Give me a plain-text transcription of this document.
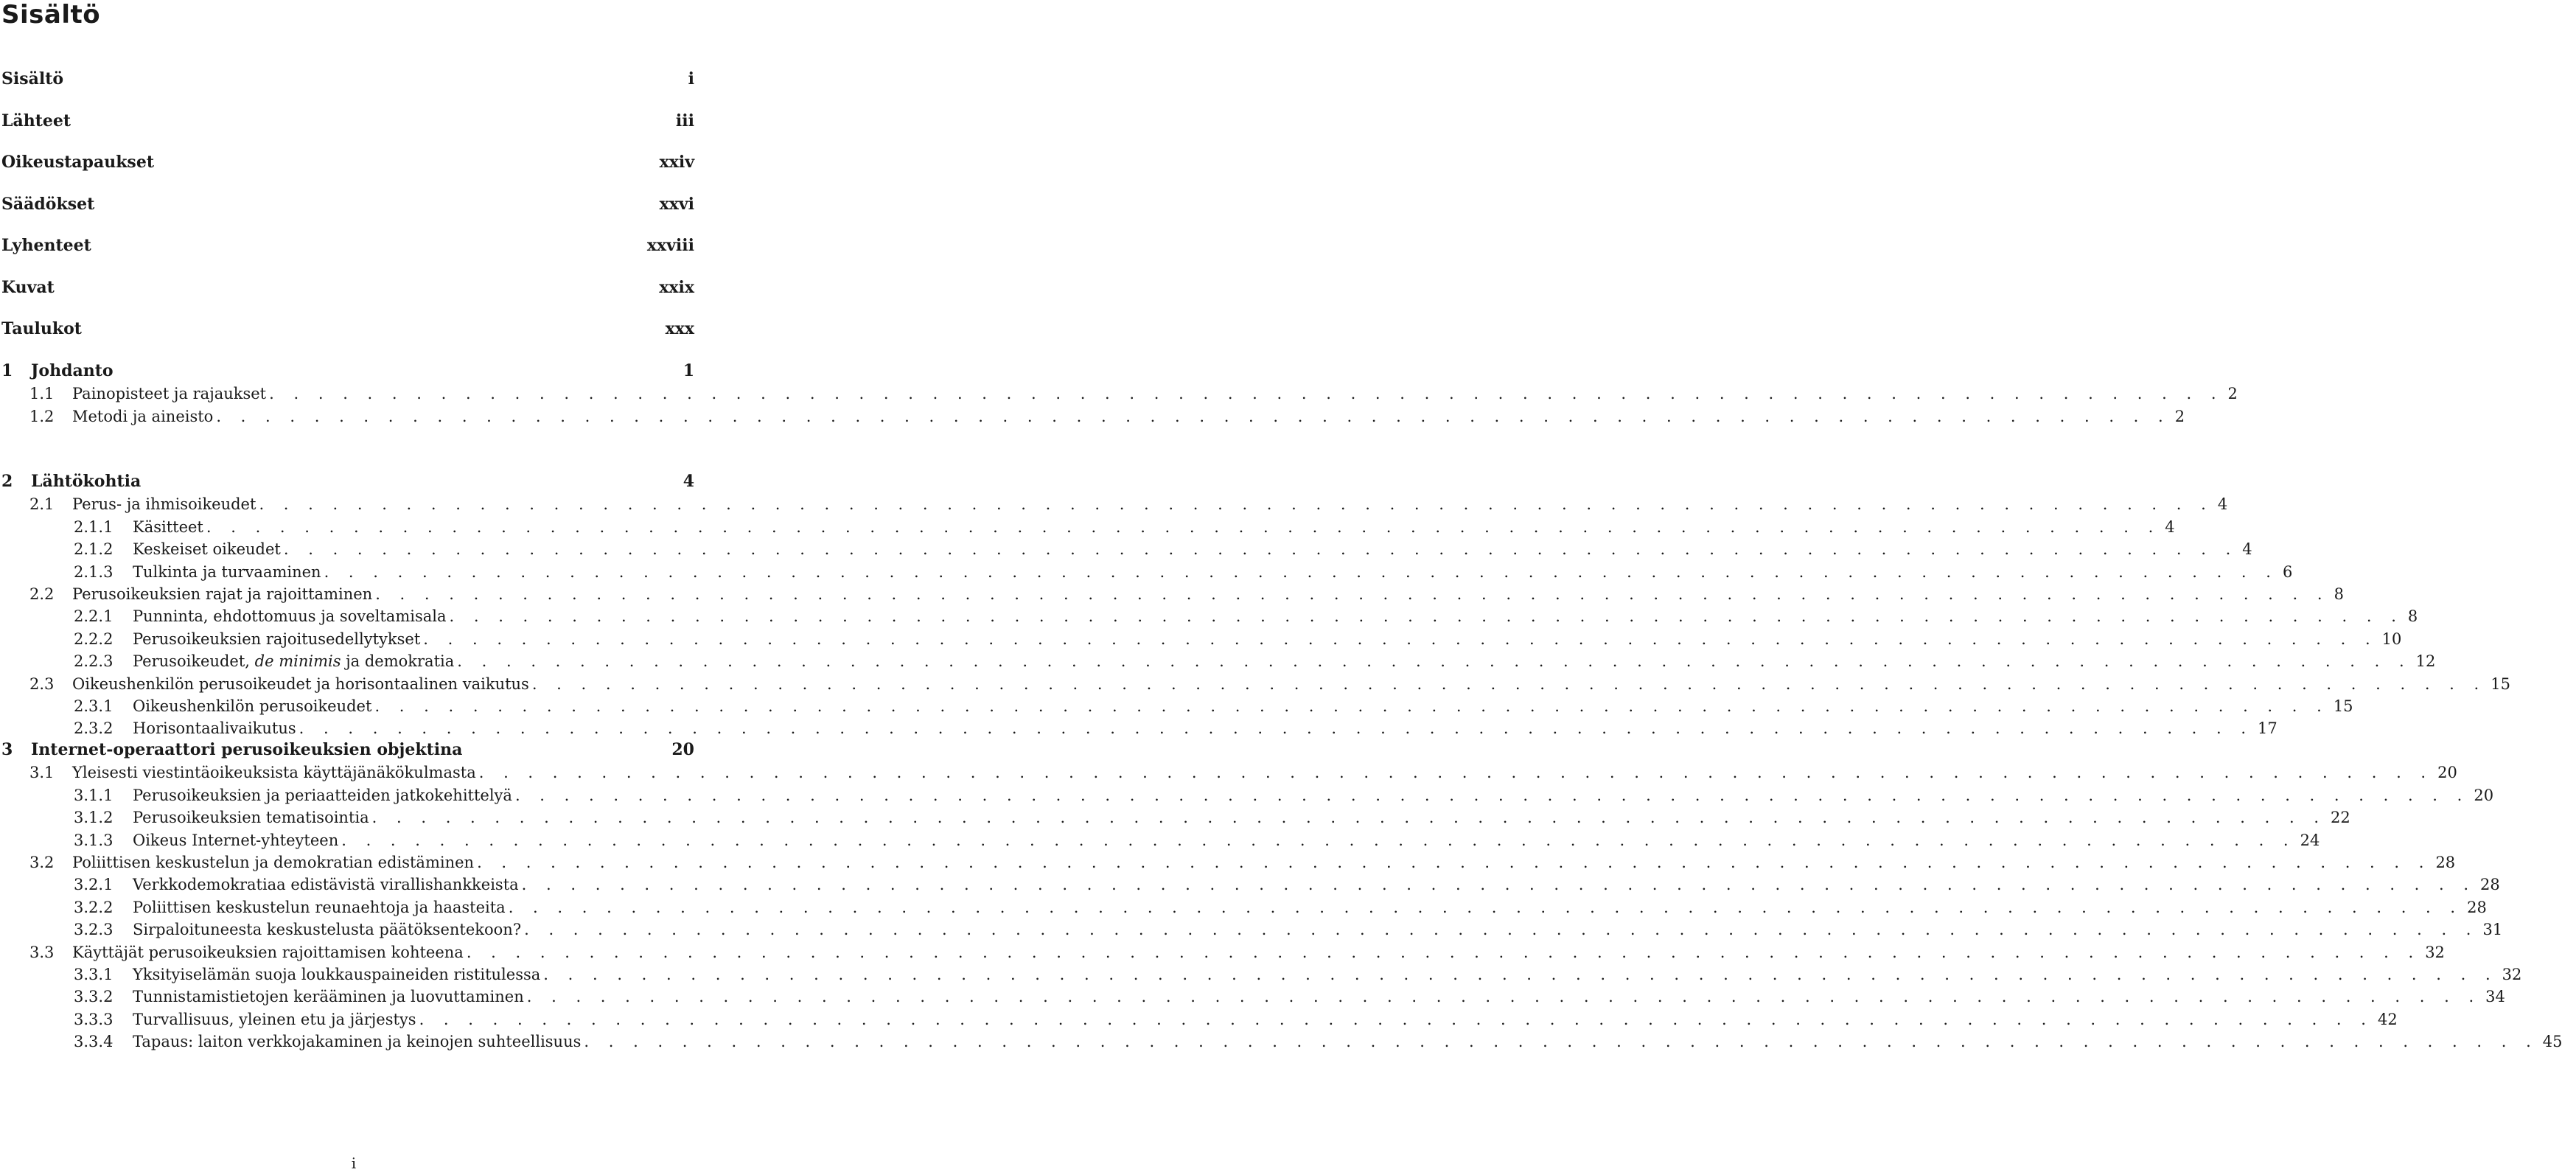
Sisältö
Sisältö	i
Lähteet	iii
Oikeustapaukset	xxiv
Säädökset	xxvi
Lyhenteet	xxviii
Kuvat	xxix
Taulukot	xxx
1	Johdanto	1
1.1	Painopisteet ja rajaukset . . . . . . . . . . . . . . . . . . . . . . . . . . . . . . . . . . . . . . . . . . . . . . . . . . . . . . . . . . . . . . . . . . . . . . . . . . . . . . . . 2
1.2	Metodi ja aineisto . . . . . . . . . . . . . . . . . . . . . . . . . . . . . . . . . . . . . . . . . . . . . . . . . . . . . . . . . . . . . . . . . . . . . . . . . . . . . . . . 2
2	Lähtökohtia	4
2.1	Perus- ja ihmisoikeudet . . . . . . . . . . . . . . . . . . . . . . . . . . . . . . . . . . . . . . . . . . . . . . . . . . . . . . . . . . . . . . . . . . . . . . . . . . . . . . . . 4
2.1.1	Käsitteet . . . . . . . . . . . . . . . . . . . . . . . . . . . . . . . . . . . . . . . . . . . . . . . . . . . . . . . . . . . . . . . . . . . . . . . . . . . . . . . . 4
2.1.2	Keskeiset oikeudet . . . . . . . . . . . . . . . . . . . . . . . . . . . . . . . . . . . . . . . . . . . . . . . . . . . . . . . . . . . . . . . . . . . . . . . . . . . . . . . . 4
2.1.3	Tulkinta ja turvaaminen . . . . . . . . . . . . . . . . . . . . . . . . . . . . . . . . . . . . . . . . . . . . . . . . . . . . . . . . . . . . . . . . . . . . . . . . . . . . . . . . 6
2.2	Perusoikeuksien rajat ja rajoittaminen . . . . . . . . . . . . . . . . . . . . . . . . . . . . . . . . . . . . . . . . . . . . . . . . . . . . . . . . . . . . . . . . . . . . . . . . . . . . . . . . 8
2.2.1	Punninta, ehdottomuus ja soveltamisala . . . . . . . . . . . . . . . . . . . . . . . . . . . . . . . . . . . . . . . . . . . . . . . . . . . . . . . . . . . . . . . . . . . . . . . . . . . . . . . . 8
2.2.2	Perusoikeuksien rajoitusedellytykset . . . . . . . . . . . . . . . . . . . . . . . . . . . . . . . . . . . . . . . . . . . . . . . . . . . . . . . . . . . . . . . . . . . . . . . . . . . . . . . . 10
2.2.3	Perusoikeudet, de minimis ja demokratia . . . . . . . . . . . . . . . . . . . . . . . . . . . . . . . . . . . . . . . . . . . . . . . . . . . . . . . . . . . . . . . . . . . . . . . . . . . . . . . . 12
2.3	Oikeushenkilön perusoikeudet ja horisontaalinen vaikutus . . . . . . . . . . . . . . . . . . . . . . . . . . . . . . . . . . . . . . . . . . . . . . . . . . . . . . . . . . . . . . . . . . . . . . . . . . . . . . . . 15
2.3.1	Oikeushenkilön perusoikeudet . . . . . . . . . . . . . . . . . . . . . . . . . . . . . . . . . . . . . . . . . . . . . . . . . . . . . . . . . . . . . . . . . . . . . . . . . . . . . . . . 15
2.3.2	Horisontaalivaikutus . . . . . . . . . . . . . . . . . . . . . . . . . . . . . . . . . . . . . . . . . . . . . . . . . . . . . . . . . . . . . . . . . . . . . . . . . . . . . . . . 17
3	Internet-operaattori perusoikeuksien objektina	20
3.1	Yleisesti viestintäoikeuksista käyttäjänäkökulmasta . . . . . . . . . . . . . . . . . . . . . . . . . . . . . . . . . . . . . . . . . . . . . . . . . . . . . . . . . . . . . . . . . . . . . . . . . . . . . . . . 20
3.1.1	Perusoikeuksien ja periaatteiden jatkokehittelyä . . . . . . . . . . . . . . . . . . . . . . . . . . . . . . . . . . . . . . . . . . . . . . . . . . . . . . . . . . . . . . . . . . . . . . . . . . . . . . . . 20
3.1.2	Perusoikeuksien tematisointia . . . . . . . . . . . . . . . . . . . . . . . . . . . . . . . . . . . . . . . . . . . . . . . . . . . . . . . . . . . . . . . . . . . . . . . . . . . . . . . . 22
3.1.3	Oikeus Internet-yhteyteen . . . . . . . . . . . . . . . . . . . . . . . . . . . . . . . . . . . . . . . . . . . . . . . . . . . . . . . . . . . . . . . . . . . . . . . . . . . . . . . . 24
3.2	Poliittisen keskustelun ja demokratian edistäminen . . . . . . . . . . . . . . . . . . . . . . . . . . . . . . . . . . . . . . . . . . . . . . . . . . . . . . . . . . . . . . . . . . . . . . . . . . . . . . . . 28
3.2.1	Verkkodemokratiaa edistävistä virallishankkeista . . . . . . . . . . . . . . . . . . . . . . . . . . . . . . . . . . . . . . . . . . . . . . . . . . . . . . . . . . . . . . . . . . . . . . . . . . . . . . . . 28
3.2.2	Poliittisen keskustelun reunaehtoja ja haasteita . . . . . . . . . . . . . . . . . . . . . . . . . . . . . . . . . . . . . . . . . . . . . . . . . . . . . . . . . . . . . . . . . . . . . . . . . . . . . . . . 28
3.2.3	Sirpaloituneesta keskustelusta päätöksentekoon? . . . . . . . . . . . . . . . . . . . . . . . . . . . . . . . . . . . . . . . . . . . . . . . . . . . . . . . . . . . . . . . . . . . . . . . . . . . . . . . . 31
3.3	Käyttäjät perusoikeuksien rajoittamisen kohteena . . . . . . . . . . . . . . . . . . . . . . . . . . . . . . . . . . . . . . . . . . . . . . . . . . . . . . . . . . . . . . . . . . . . . . . . . . . . . . . . 32
3.3.1	Yksityiselämän suoja loukkauspaineiden ristitulessa . . . . . . . . . . . . . . . . . . . . . . . . . . . . . . . . . . . . . . . . . . . . . . . . . . . . . . . . . . . . . . . . . . . . . . . . . . . . . . . . 32
3.3.2	Tunnistamistietojen kerääminen ja luovuttaminen . . . . . . . . . . . . . . . . . . . . . . . . . . . . . . . . . . . . . . . . . . . . . . . . . . . . . . . . . . . . . . . . . . . . . . . . . . . . . . . . 34
3.3.3	Turvallisuus, yleinen etu ja järjestys . . . . . . . . . . . . . . . . . . . . . . . . . . . . . . . . . . . . . . . . . . . . . . . . . . . . . . . . . . . . . . . . . . . . . . . . . . . . . . . . 42
3.3.4	Tapaus: laiton verkkojakaminen ja keinojen suhteellisuus . . . . . . . . . . . . . . . . . . . . . . . . . . . . . . . . . . . . . . . . . . . . . . . . . . . . . . . . . . . . . . . . . . . . . . . . . . . . . . . . 45
i
